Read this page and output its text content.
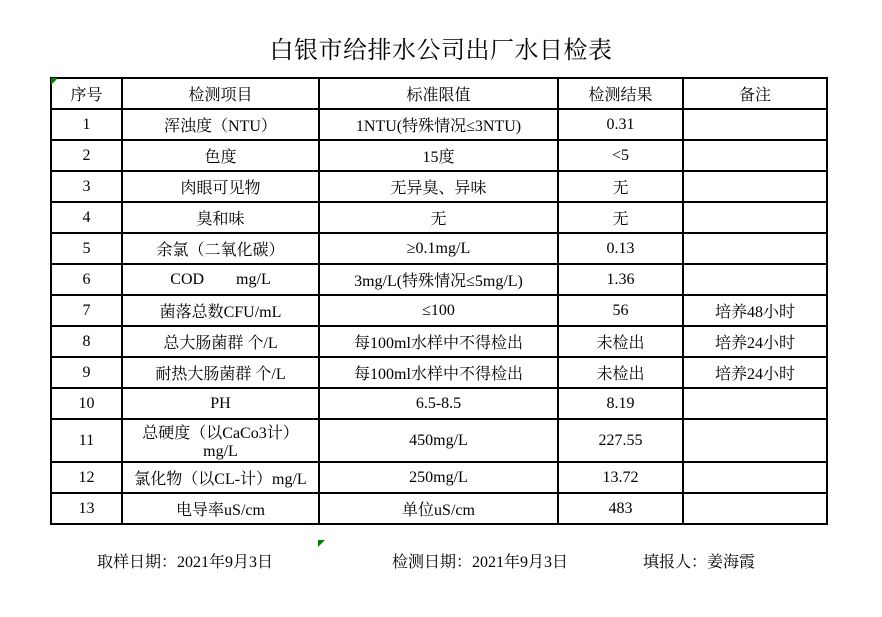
白银市给排水公司出厂水日检表
序号	检测项目	标准限值	检测结果	备注
1	浑浊度（NTU）	1NTU(特殊情况≤3NTU)	0.31	
2	色度	15度	<5	
3	肉眼可见物	无异臭、异味	无	
4	臭和味	无	无	
5	余氯（二氧化碳）	≥0.1mg/L	0.13	
6	COD        mg/L	3mg/L(特殊情况≤5mg/L)	1.36	
7	菌落总数CFU/mL	≤100	56	培养48小时
8	总大肠菌群 个/L	每100ml水样中不得检出	未检出	培养24小时
9	耐热大肠菌群 个/L	每100ml水样中不得检出	未检出	培养24小时
10	PH	6.5-8.5	8.19	
11	总硬度（以CaCo3计）mg/L	450mg/L	227.55	
12	氯化物（以CL-计）mg/L	250mg/L	13.72	
13	电导率uS/cm	单位uS/cm	483	
取样日期：2021年9月3日	检测日期：2021年9月3日	填报人：姜海霞
